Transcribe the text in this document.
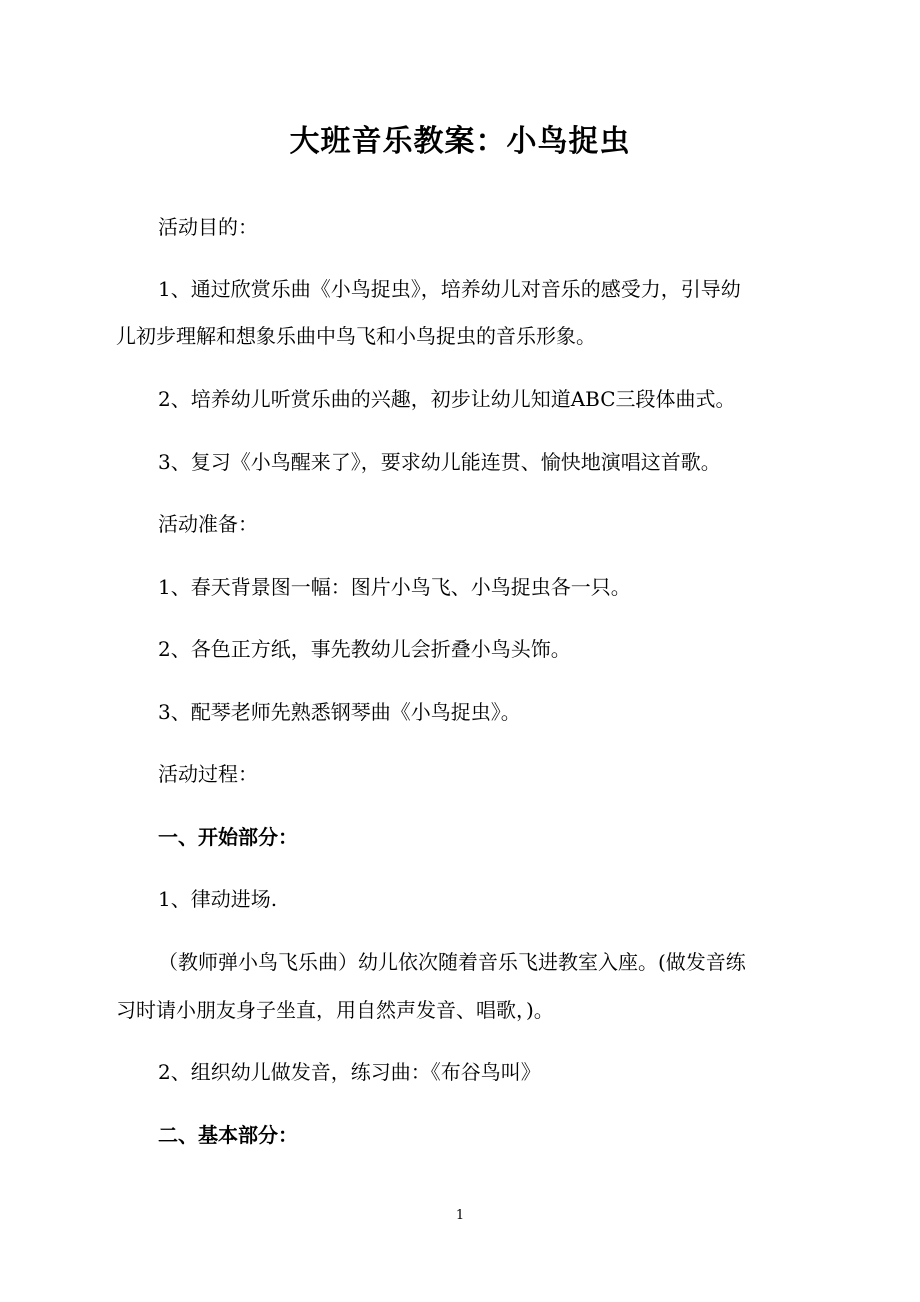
大班音乐教案：小鸟捉虫
活动目的：
1、通过欣赏乐曲《小鸟捉虫》，培养幼儿对音乐的感受力，引导幼
儿初步理解和想象乐曲中鸟飞和小鸟捉虫的音乐形象。
2、培养幼儿听赏乐曲的兴趣，初步让幼儿知道ABC三段体曲式。
3、复习《小鸟醒来了》，要求幼儿能连贯、愉快地演唱这首歌。
活动准备：
1、春天背景图一幅：图片小鸟飞、小鸟捉虫各一只。
2、各色正方纸，事先教幼儿会折叠小鸟头饰。
3、配琴老师先熟悉钢琴曲《小鸟捉虫》。
活动过程：
一、开始部分：
1、律动进场.
（教师弹小鸟飞乐曲）幼儿依次随着音乐飞进教室入座。(做发音练
习时请小朋友身子坐直，用自然声发音、唱歌，)。
2、组织幼儿做发音，练习曲：《布谷鸟叫》
二、基本部分：
1
